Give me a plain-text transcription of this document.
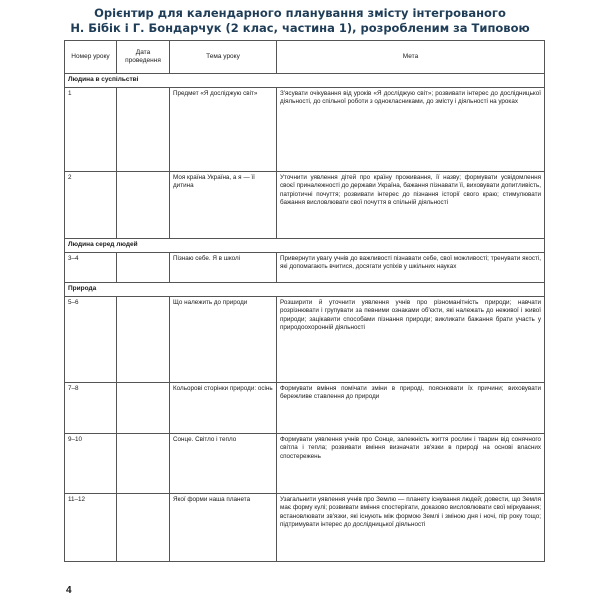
Орієнтир для календарного планування змісту інтегрованого
Н. Бібік і Г. Бондарчук (2 клас, частина 1), розробленим за Типовою
Номер уроку	Дата проведення	Тема уроку	Мета
Людина в суспільстві			
1		Предмет «Я досліджую світ»	З'ясувати очікування від уроків «Я досліджую світ»; розвивати інтерес до дослідницької діяльності, до спільної роботи з однокласниками, до змісту і діяльності на уроках
2		Моя країна Україна, а я — її дитина	Уточнити уявлення дітей про країну проживання, її назву; формувати усвідомлення своєї приналежності до держави Україна, бажання пізнавати її, виховувати допитливість, патріотичні почуття; розвивати інтерес до пізнання історії свого краю; стимулювати бажання висловлювати свої почуття в спільній діяльності
Людина серед людей			
3–4		Пізнаю себе. Я в школі	Привернути увагу учнів до важливості пізнавати себе, свої можливості; тренувати якості, які допомагають вчитися, досягати успіхів у шкільних науках
Природа			
5–6		Що належить до природи	Розширити й уточнити уявлення учнів про різноманітність природи; навчати розрізнювати і групувати за певними ознаками об'єкти, які належать до неживої і живої природи; зацікавити способами пізнання природи; викликати бажання брати участь у природоохоронній діяльності
7–8		Кольорові сторінки природи: осінь	Формувати вміння помічати зміни в природі, пояснювати їх причини; виховувати бережливе ставлення до природи
9–10		Сонце. Світло і тепло	Формувати уявлення учнів про Сонце, залежність життя рослин і тварин від сонячного світла і тепла; розвивати вміння визначати зв'язки в природі на основі власних спостережень
11–12		Якої форми наша планета	Узагальнити уявлення учнів про Землю — планету існування людей; довести, що Земля має форму кулі; розвивати вміння спостерігати, доказово висловлювати свої міркування; встановлювати зв'язки, які існують між формою Землі і зміною дня і ночі, пір року тощо; підтримувати інтерес до дослідницької діяльності
4
